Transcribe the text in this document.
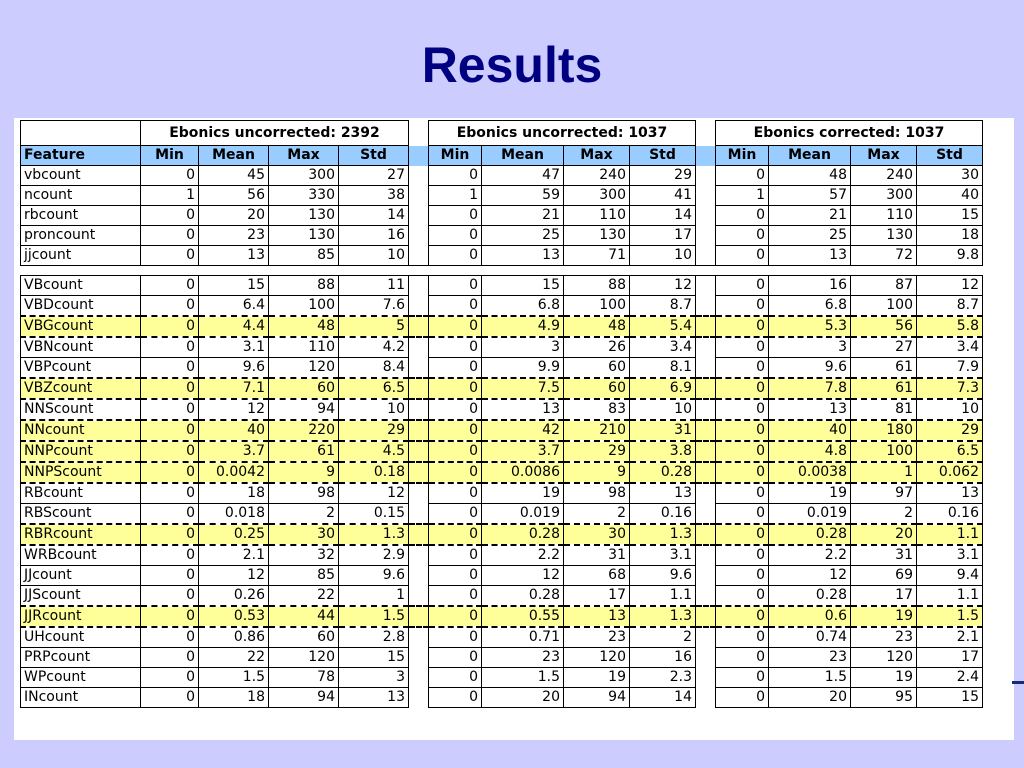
Results
	Ebonics uncorrected: 2392					Ebonics uncorrected: 1037					Ebonics corrected: 1037			
Feature	Min	Mean	Max	Std		Min	Mean	Max	Std		Min	Mean	Max	Std
vbcount	0	45	300	27		0	47	240	29		0	48	240	30
ncount	1	56	330	38		1	59	300	41		1	57	300	40
rbcount	0	20	130	14		0	21	110	14		0	21	110	15
proncount	0	23	130	16		0	25	130	17		0	25	130	18
jjcount	0	13	85	10		0	13	71	10		0	13	72	9.8

VBcount	0	15	88	11		0	15	88	12		0	16	87	12
VBDcount	0	6.4	100	7.6		0	6.8	100	8.7		0	6.8	100	8.7
VBGcount	0	4.4	48	5		0	4.9	48	5.4		0	5.3	56	5.8
VBNcount	0	3.1	110	4.2		0	3	26	3.4		0	3	27	3.4
VBPcount	0	9.6	120	8.4		0	9.9	60	8.1		0	9.6	61	7.9
VBZcount	0	7.1	60	6.5		0	7.5	60	6.9		0	7.8	61	7.3
NNScount	0	12	94	10		0	13	83	10		0	13	81	10
NNcount	0	40	220	29		0	42	210	31		0	40	180	29
NNPcount	0	3.7	61	4.5		0	3.7	29	3.8		0	4.8	100	6.5
NNPScount	0	0.0042	9	0.18		0	0.0086	9	0.28		0	0.0038	1	0.062
RBcount	0	18	98	12		0	19	98	13		0	19	97	13
RBScount	0	0.018	2	0.15		0	0.019	2	0.16		0	0.019	2	0.16
RBRcount	0	0.25	30	1.3		0	0.28	30	1.3		0	0.28	20	1.1
WRBcount	0	2.1	32	2.9		0	2.2	31	3.1		0	2.2	31	3.1
JJcount	0	12	85	9.6		0	12	68	9.6		0	12	69	9.4
JJScount	0	0.26	22	1		0	0.28	17	1.1		0	0.28	17	1.1
JJRcount	0	0.53	44	1.5		0	0.55	13	1.3		0	0.6	19	1.5
UHcount	0	0.86	60	2.8		0	0.71	23	2		0	0.74	23	2.1
PRPcount	0	22	120	15		0	23	120	16		0	23	120	17
WPcount	0	1.5	78	3		0	1.5	19	2.3		0	1.5	19	2.4
INcount	0	18	94	13		0	20	94	14		0	20	95	15
